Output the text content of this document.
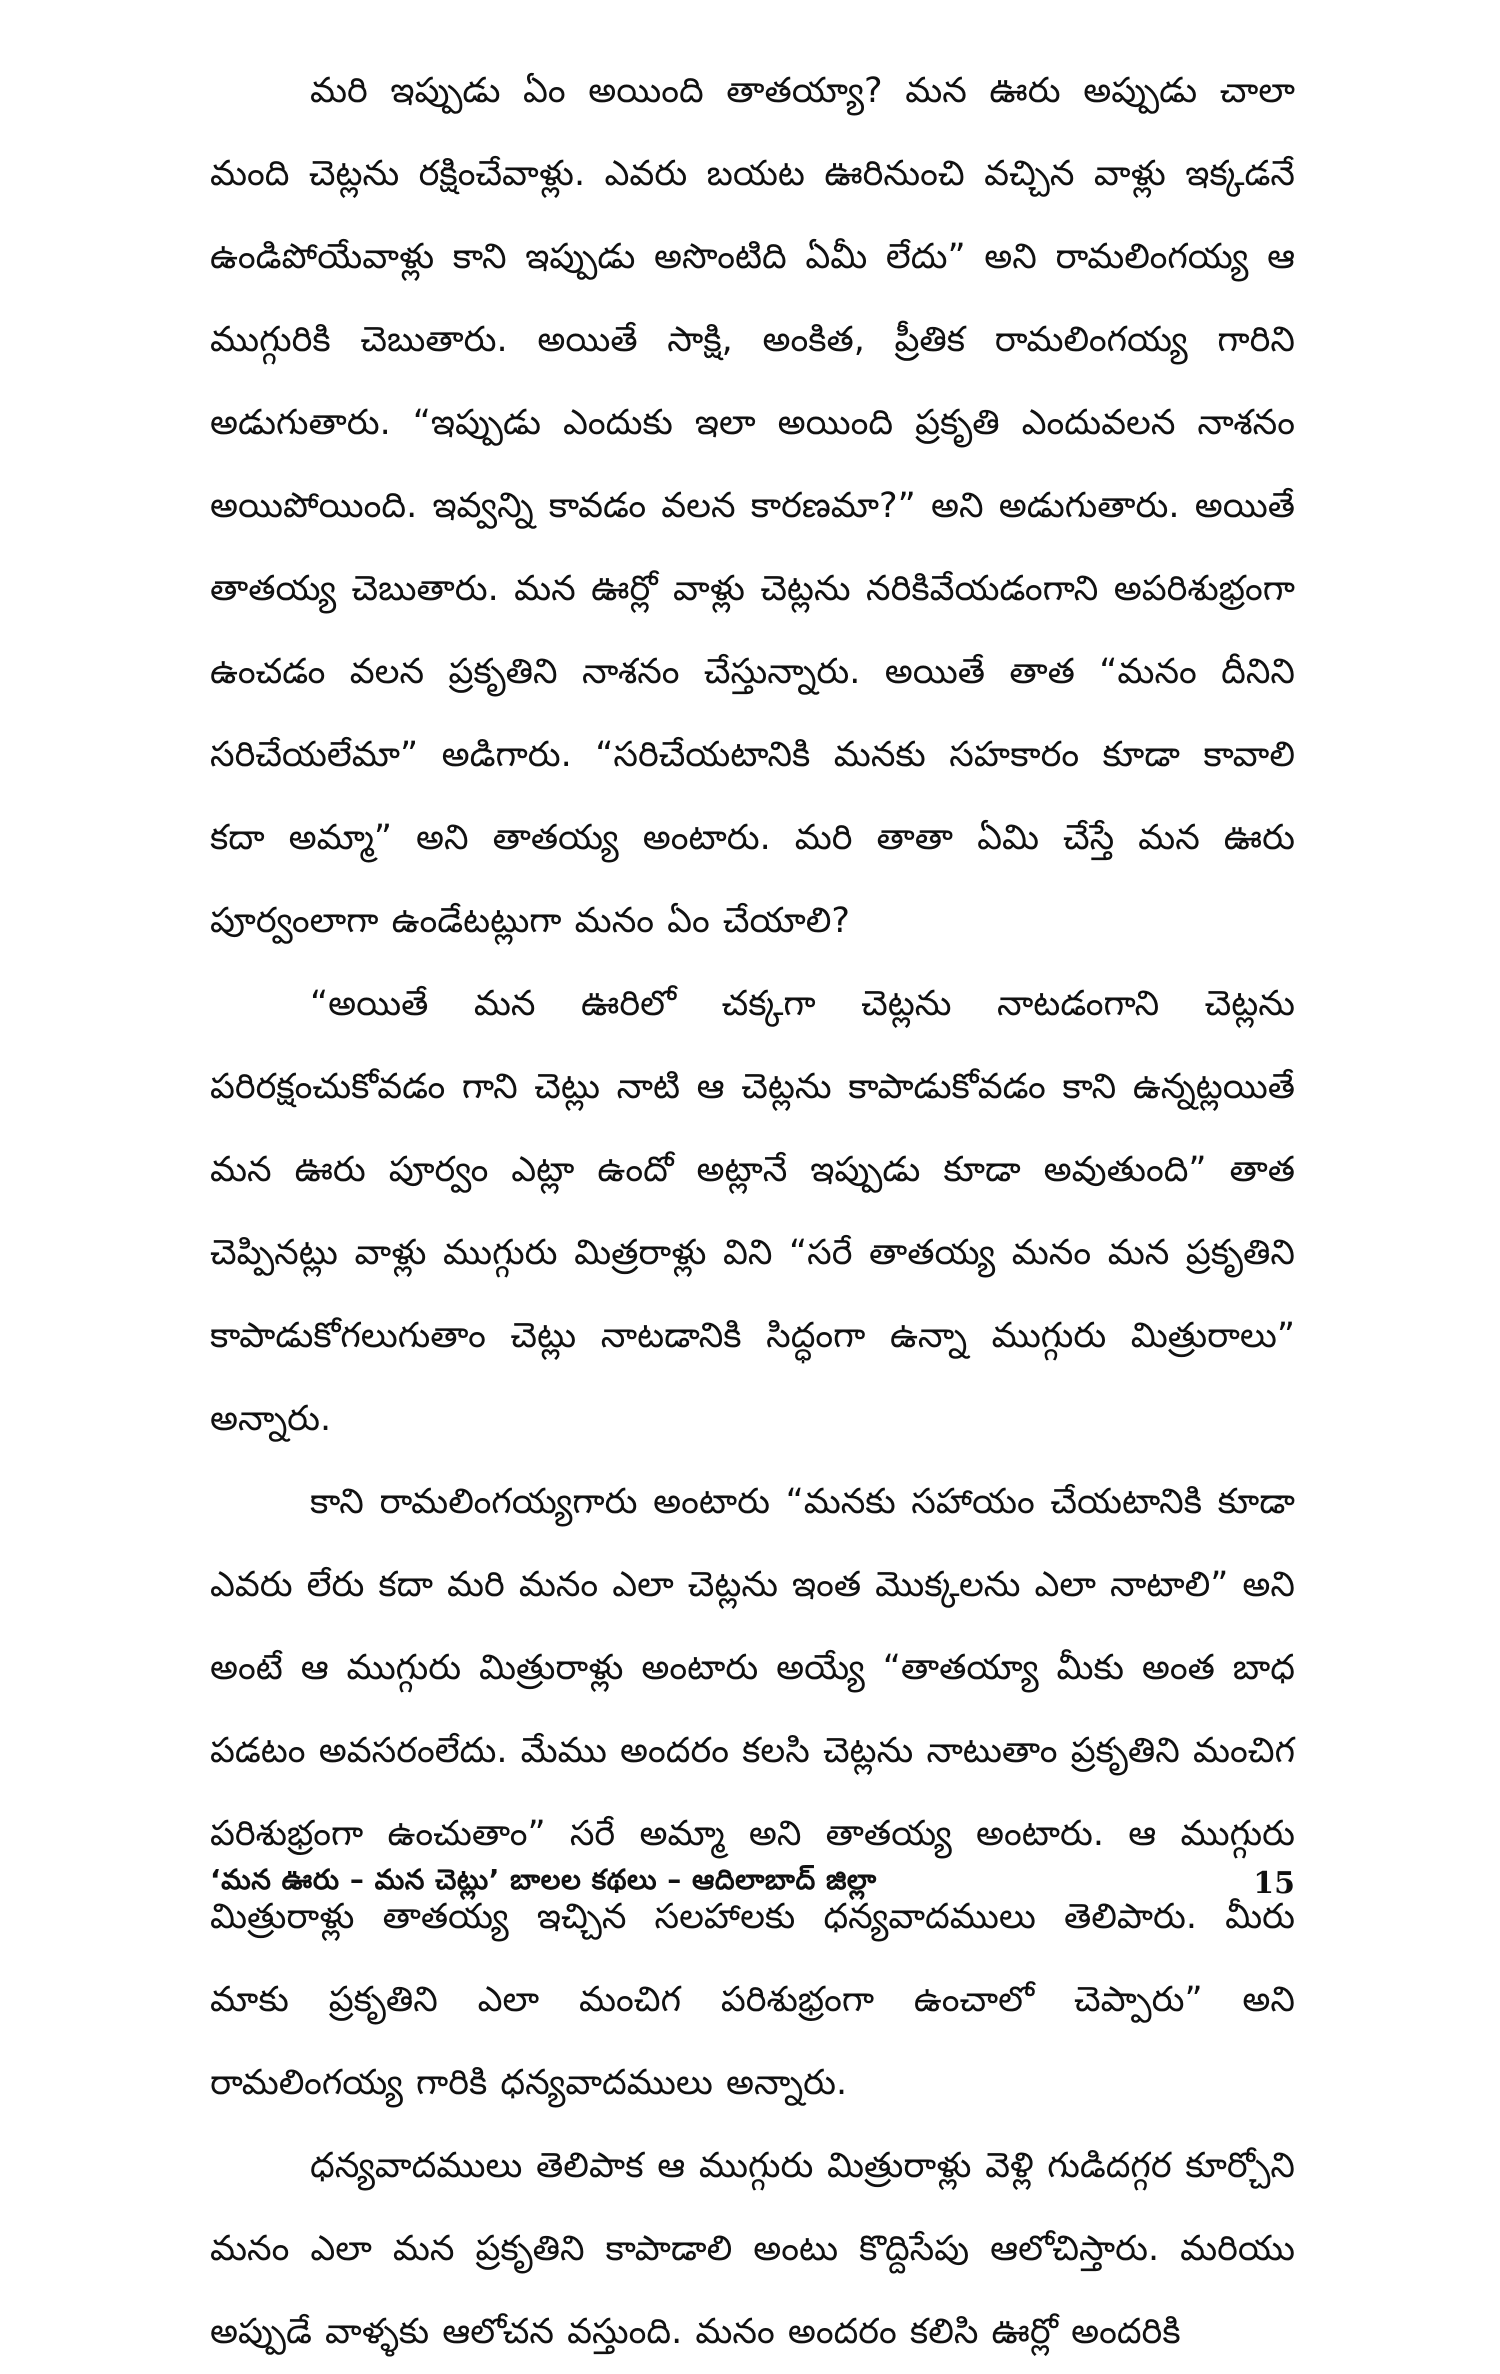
మరి ఇప్పుడు ఏం అయింది తాతయ్యా? మన ఊరు అప్పుడు చాలా మంది చెట్లను రక్షించేవాళ్లు. ఎవరు బయట ఊరినుంచి వచ్చిన వాళ్లు ఇక్కడనే ఉండిపోయేవాళ్లు కాని ఇప్పుడు అసొంటిది ఏమీ లేదు” అని రామలింగయ్య ఆ ముగ్గురికి చెబుతారు. అయితే సాక్షి, అంకిత, ప్రీతిక రామలింగయ్య గారిని అడుగుతారు. “ఇప్పుడు ఎందుకు ఇలా అయింది ప్రకృతి ఎందువలన నాశనం అయిపోయింది. ఇవ్వన్ని కావడం వలన కారణమా?” అని అడుగుతారు. అయితే తాతయ్య చెబుతారు. మన ఊర్లో వాళ్లు చెట్లను నరికివేయడంగాని అపరిశుభ్రంగా ఉంచడం వలన ప్రకృతిని నాశనం చేస్తున్నారు. అయితే తాత “మనం దీనిని సరిచేయలేమా” అడిగారు. “సరిచేయటానికి మనకు సహకారం కూడా కావాలి కదా అమ్మా” అని తాతయ్య అంటారు. మరి తాతా ఏమి చేస్తే మన ఊరు పూర్వంలాగా ఉండేటట్లుగా మనం ఏం చేయాలి?

“అయితే మన ఊరిలో చక్కగా చెట్లను నాటడంగాని చెట్లను పరిరక్షంచుకోవడం గాని చెట్లు నాటి ఆ చెట్లను కాపాడుకోవడం కాని ఉన్నట్లయితే మన ఊరు పూర్వం ఎట్లా ఉందో అట్లానే ఇప్పుడు కూడా అవుతుంది” తాత చెప్పినట్లు వాళ్లు ముగ్గురు మిత్రరాళ్లు విని “సరే తాతయ్య మనం మన ప్రకృతిని కాపాడుకోగలుగుతాం చెట్లు నాటడానికి సిద్ధంగా ఉన్నా ముగ్గురు మిత్రురాలు” అన్నారు.

కాని రామలింగయ్యగారు అంటారు “మనకు సహాయం చేయటానికి కూడా ఎవరు లేరు కదా మరి మనం ఎలా చెట్లను ఇంత మొక్కలను ఎలా నాటాలి” అని అంటే ఆ ముగ్గురు మిత్రురాళ్లు అంటారు అయ్యే “తాతయ్యా మీకు అంత బాధ పడటం అవసరంలేదు. మేము అందరం కలసి చెట్లను నాటుతాం ప్రకృతిని మంచిగ పరిశుభ్రంగా ఉంచుతాం” సరే అమ్మా అని తాతయ్య అంటారు. ఆ ముగ్గురు మిత్రురాళ్లు తాతయ్య ఇచ్చిన సలహాలకు ధన్యవాదములు తెలిపారు. మీరు మాకు ప్రకృతిని ఎలా మంచిగ పరిశుభ్రంగా ఉంచాలో చెప్పారు” అని రామలింగయ్య గారికి ధన్యవాదములు అన్నారు.

ధన్యవాదములు తెలిపాక ఆ ముగ్గురు మిత్రురాళ్లు వెళ్లి గుడిదగ్గర కూర్చోని మనం ఎలా మన ప్రకృతిని కాపాడాలి అంటు కొద్దిసేపు ఆలోచిస్తారు. మరియు అప్పుడే వాళ్ళకు ఆలోచన వస్తుంది. మనం అందరం కలిసి ఊర్లో అందరికి

‘మన ఊరు – మన చెట్లు’ బాలల కథలు – ఆదిలాబాద్ జిల్లా	15
